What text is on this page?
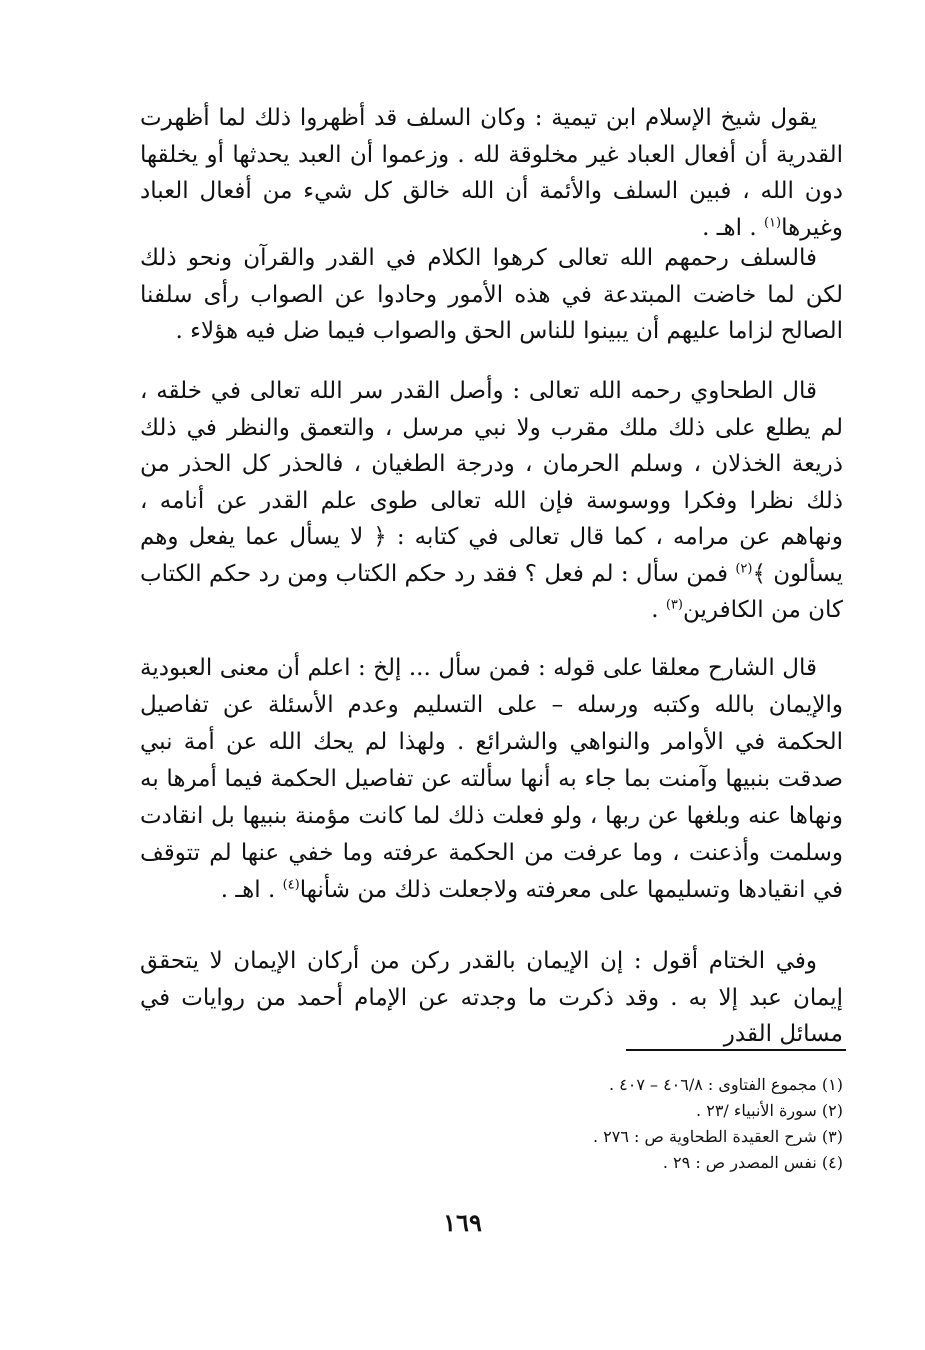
يقول شيخ الإسلام ابن تيمية : وكان السلف قد أظهروا ذلك لما أظهرت القدرية أن أفعال العباد غير مخلوقة لله . وزعموا أن العبد يحدثها أو يخلقها دون الله ، فبين السلف والأئمة أن الله خالق كل شيء من أفعال العباد وغيرها$^{(١)}$ . اهـ .

فالسلف رحمهم الله تعالى كرهوا الكلام في القدر والقرآن ونحو ذلك لكن لما خاضت المبتدعة في هذه الأمور وحادوا عن الصواب رأى سلفنا الصالح لزاما عليهم أن يبينوا للناس الحق والصواب فيما ضل فيه هؤلاء .

قال الطحاوي رحمه الله تعالى : وأصل القدر سر الله تعالى في خلقه ، لم يطلع على ذلك ملك مقرب ولا نبي مرسل ، والتعمق والنظر في ذلك ذريعة الخذلان ، وسلم الحرمان ، ودرجة الطغيان ، فالحذر كل الحذر من ذلك نظرا وفكرا ووسوسة فإن الله تعالى طوى علم القدر عن أنامه ، ونهاهم عن مرامه ، كما قال تعالى في كتابه : ﴿ لا يسأل عما يفعل وهم يسألون ﴾$^{(٢)}$ فمن سأل : لم فعل ؟ فقد رد حكم الكتاب ومن رد حكم الكتاب كان من الكافرين$^{(٣)}$ .

قال الشارح معلقا على قوله : فمن سأل ... إلخ : اعلم أن معنى العبودية والإيمان بالله وكتبه ورسله – على التسليم وعدم الأسئلة عن تفاصيل الحكمة في الأوامر والنواهي والشرائع . ولهذا لم يحك الله عن أمة نبي صدقت بنبيها وآمنت بما جاء به أنها سألته عن تفاصيل الحكمة فيما أمرها به ونهاها عنه وبلغها عن ربها ، ولو فعلت ذلك لما كانت مؤمنة بنبيها بل انقادت وسلمت وأذعنت ، وما عرفت من الحكمة عرفته وما خفي عنها لم تتوقف في انقيادها وتسليمها على معرفته ولاجعلت ذلك من شأنها$^{(٤)}$ . اهـ .

وفي الختام أقول : إن الإيمان بالقدر ركن من أركان الإيمان لا يتحقق إيمان عبد إلا به . وقد ذكرت ما وجدته عن الإمام أحمد من روايات في مسائل القدر

(١) مجموع الفتاوى : ٤٠٦/٨ – ٤٠٧ .

(٢) سورة الأنبياء /٢٣ .

(٣) شرح العقيدة الطحاوية ص : ٢٧٦ .

(٤) نفس المصدر ص : ٢٩ .

١٦٩
